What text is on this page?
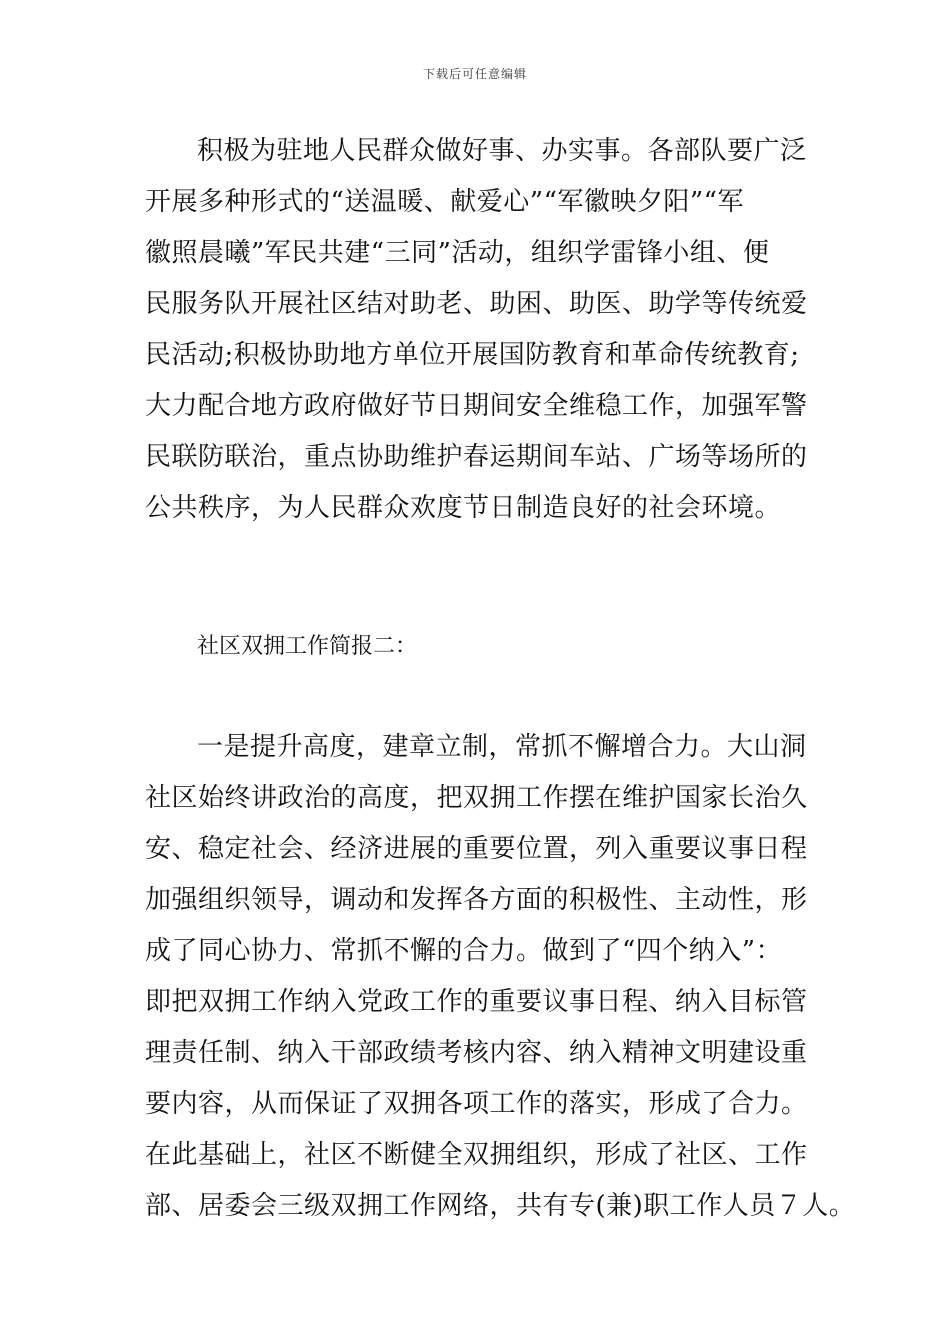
下载后可任意编辑
积极为驻地人民群众做好事、办实事。各部队要广泛
开展多种形式的“送温暖、献爱心”“军徽映夕阳”“军
徽照晨曦”军民共建“三同”活动，组织学雷锋小组、便
民服务队开展社区结对助老、助困、助医、助学等传统爱
民活动;积极协助地方单位开展国防教育和革命传统教育;
大力配合地方政府做好节日期间安全维稳工作，加强军警
民联防联治，重点协助维护春运期间车站、广场等场所的
公共秩序，为人民群众欢度节日制造良好的社会环境。
社区双拥工作简报二：
一是提升高度，建章立制，常抓不懈增合力。大山洞
社区始终讲政治的高度，把双拥工作摆在维护国家长治久
安、稳定社会、经济进展的重要位置，列入重要议事日程
加强组织领导，调动和发挥各方面的积极性、主动性，形
成了同心协力、常抓不懈的合力。做到了“四个纳入”：
即把双拥工作纳入党政工作的重要议事日程、纳入目标管
理责任制、纳入干部政绩考核内容、纳入精神文明建设重
要内容，从而保证了双拥各项工作的落实，形成了合力。
在此基础上，社区不断健全双拥组织，形成了社区、工作
部、居委会三级双拥工作网络，共有专(兼)职工作人员７人。
